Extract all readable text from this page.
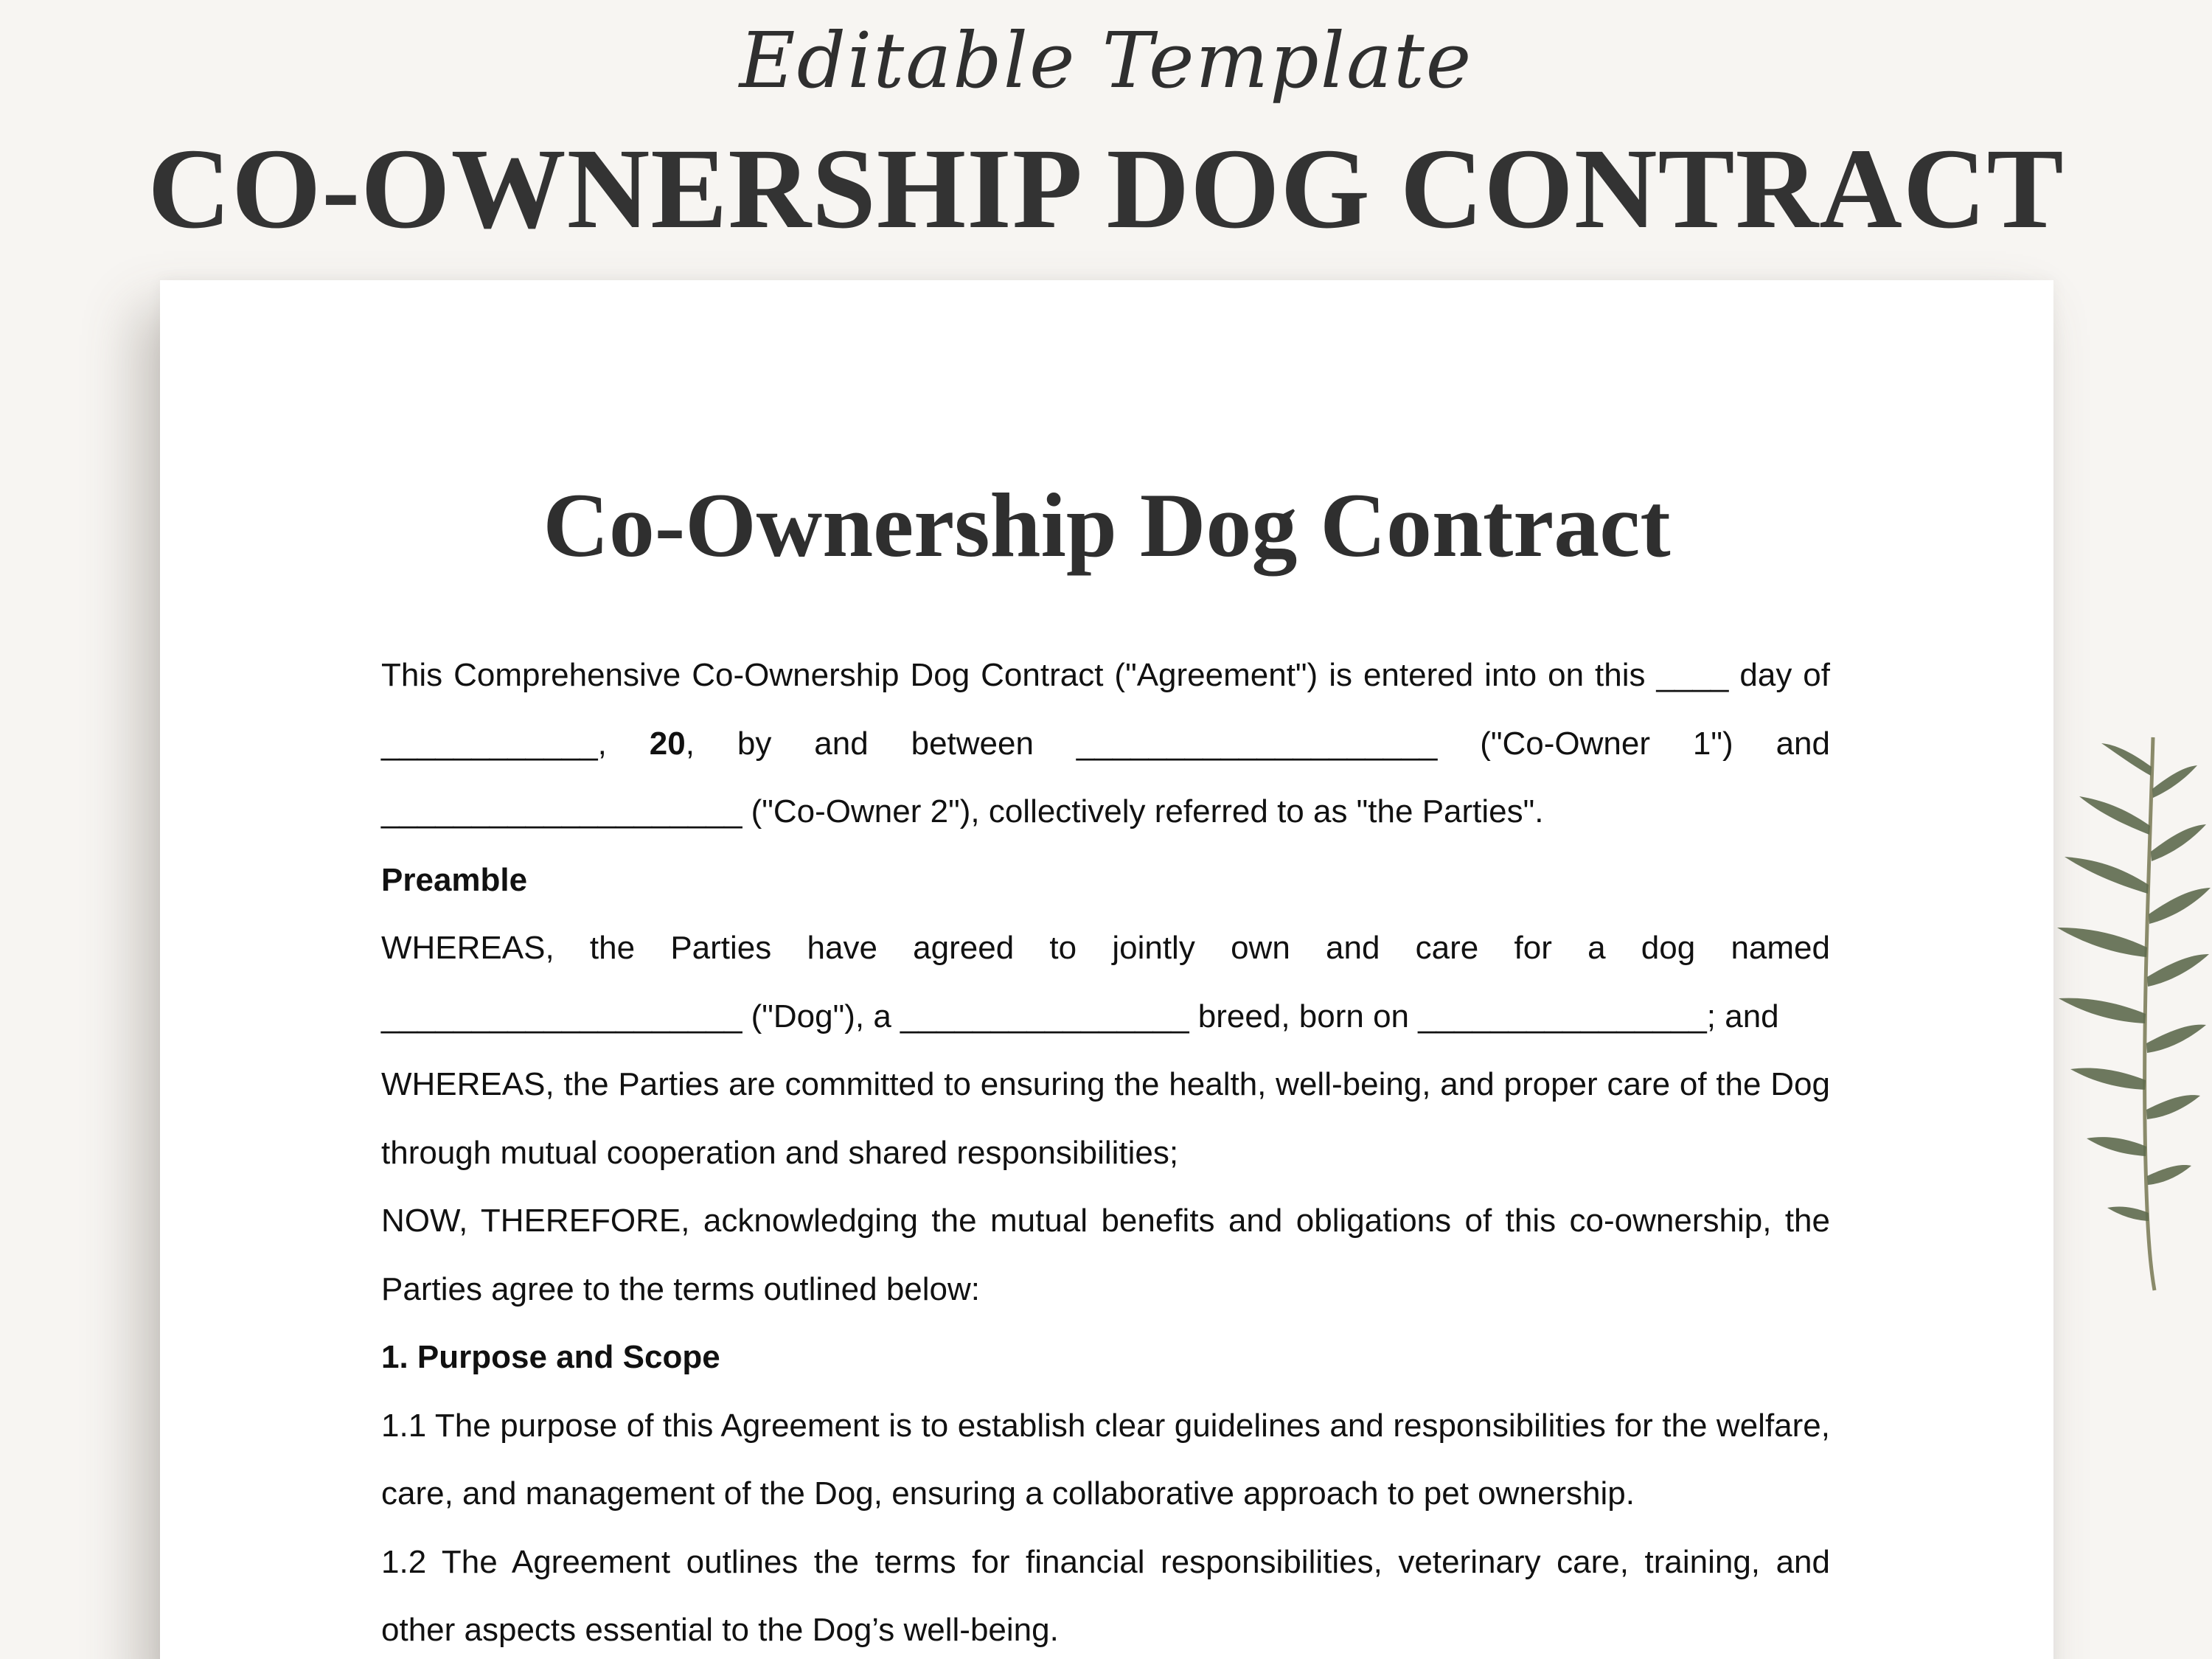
Editable Template
CO-OWNERSHIP DOG CONTRACT
Co-Ownership Dog Contract

This Comprehensive Co-Ownership Dog Contract ("Agreement") is entered into on this ____ day of ____________, 20, by and between ____________________ ("Co-Owner 1") and ____________________ ("Co-Owner 2"), collectively referred to as "the Parties".

Preamble

WHEREAS, the Parties have agreed to jointly own and care for a dog named ____________________ ("Dog"), a ________________ breed, born on ________________; and

WHEREAS, the Parties are committed to ensuring the health, well-being, and proper care of the Dog through mutual cooperation and shared responsibilities;

NOW, THEREFORE, acknowledging the mutual benefits and obligations of this co-ownership, the Parties agree to the terms outlined below:

1. Purpose and Scope

1.1 The purpose of this Agreement is to establish clear guidelines and responsibilities for the welfare, care, and management of the Dog, ensuring a collaborative approach to pet ownership.

1.2 The Agreement outlines the terms for financial responsibilities, veterinary care, training, and other aspects essential to the Dog’s well-being.
